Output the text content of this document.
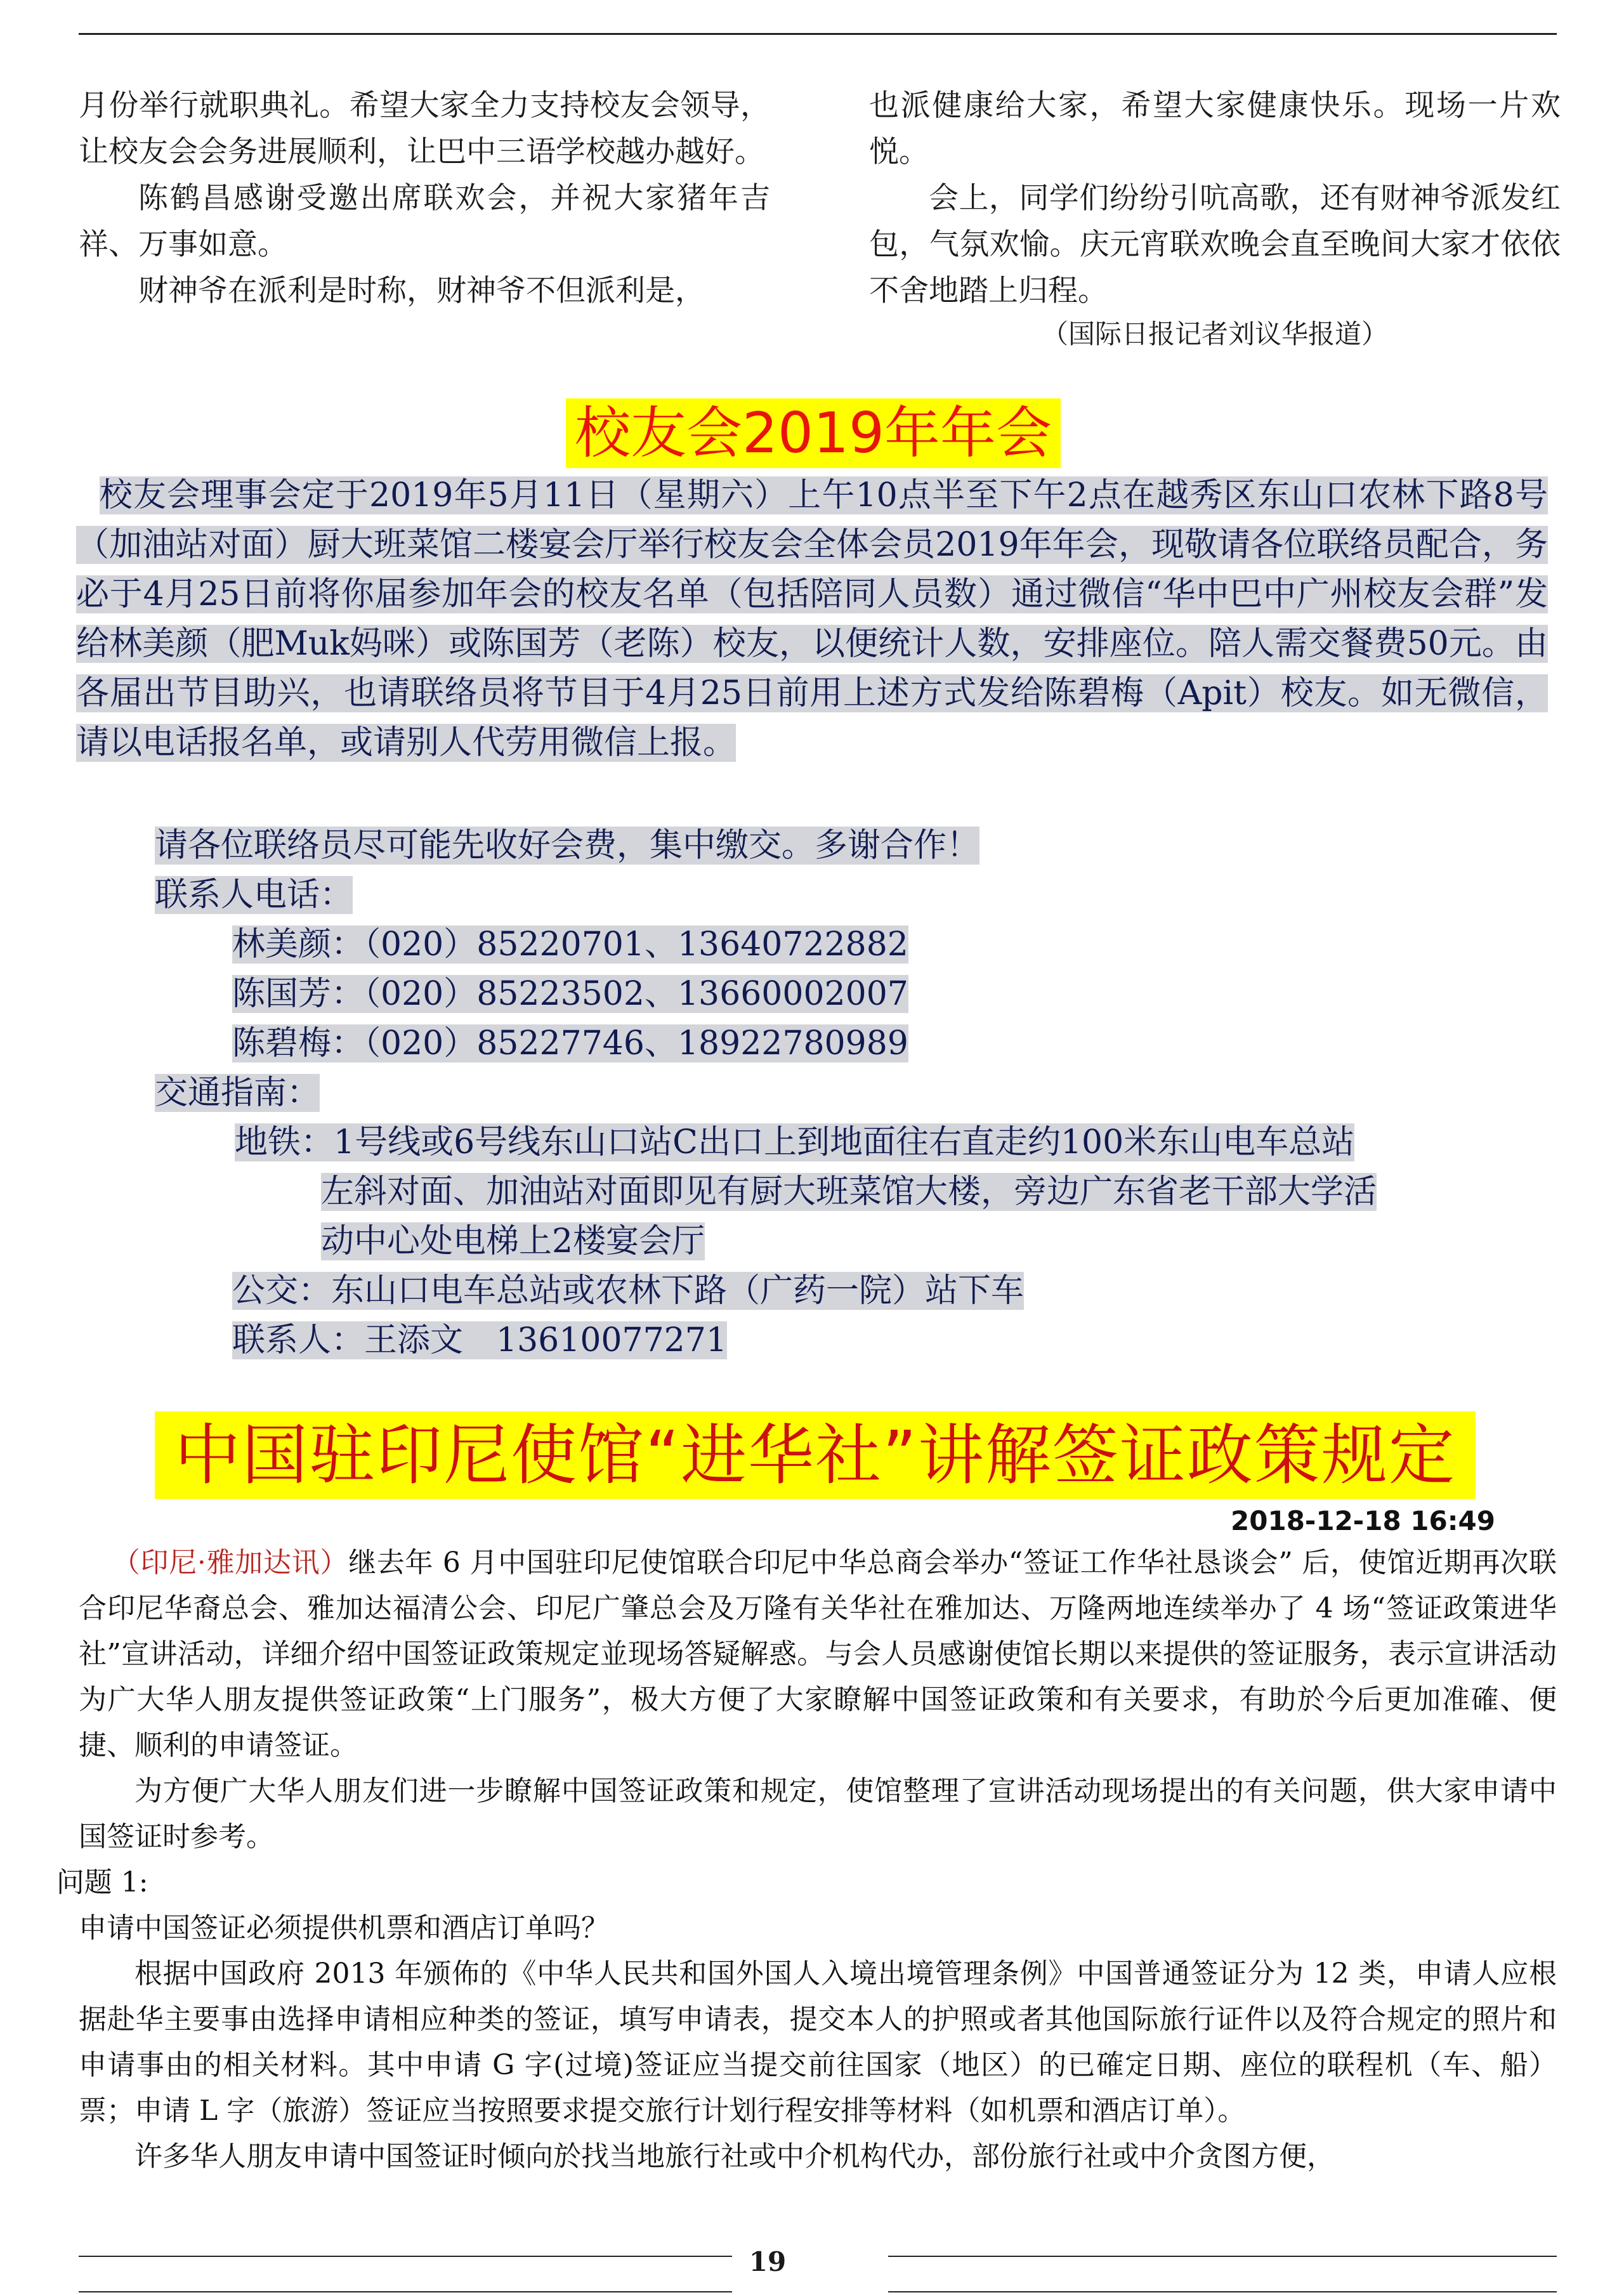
月份举行就职典礼。希望大家全力支持校友会领导，让校友会会务进展顺利，让巴中三语学校越办越好。

陈鹤昌感谢受邀出席联欢会，并祝大家猪年吉祥、万事如意。

财神爷在派利是时称，财神爷不但派利是，

也派健康给大家，希望大家健康快乐。现场一片欢悦。

会上，同学们纷纷引吭高歌，还有财神爷派发红包，气氛欢愉。庆元宵联欢晚会直至晚间大家才依依不舍地踏上归程。

（国际日报记者刘议华报道）

校友会2019年年会

校友会理事会定于2019年5月11日（星期六）上午10点半至下午2点在越秀区东山口农林下路8号（加油站对面）厨大班菜馆二楼宴会厅举行校友会全体会员2019年年会，现敬请各位联络员配合，务必于4月25日前将你届参加年会的校友名单（包括陪同人员数）通过微信“华中巴中广州校友会群”发给林美颜（肥Muk妈咪）或陈国芳（老陈）校友，以便统计人数，安排座位。陪人需交餐费50元。由各届出节目助兴，也请联络员将节目于4月25日前用上述方式发给陈碧梅（Apit）校友。如无微信，请以电话报名单，或请别人代劳用微信上报。

请各位联络员尽可能先收好会费，集中缴交。多谢合作！
联系人电话：
林美颜：（020）85220701、13640722882
陈国芳：（020）85223502、13660002007
陈碧梅：（020）85227746、18922780989
交通指南：
地铁：1号线或6号线东山口站C出口上到地面往右直走约100米东山电车总站
左斜对面、加油站对面即见有厨大班菜馆大楼，旁边广东省老干部大学活
动中心处电梯上2楼宴会厅
公交：东山口电车总站或农林下路（广药一院）站下车
联系人：王添文　13610077271
中国驻印尼使馆“进华社”讲解签证政策规定
2018-12-18 16:49

（印尼·雅加达讯）继去年 6 月中国驻印尼使馆联合印尼中华总商会举办“签证工作华社恳谈会” 后，使馆近期再次联合印尼华裔总会、雅加达福清公会、印尼广肇总会及万隆有关华社在雅加达、万隆两地连续举办了 4 场“签证政策进华社”宣讲活动，详细介绍中国签证政策规定並现场答疑解惑。与会人员感谢使馆长期以来提供的签证服务，表示宣讲活动为广大华人朋友提供签证政策“上门服务”，极大方便了大家瞭解中国签证政策和有关要求，有助於今后更加准確、便捷、顺利的申请签证。

为方便广大华人朋友们进一步瞭解中国签证政策和规定，使馆整理了宣讲活动现场提出的有关问题，供大家申请中国签证时参考。

问题 1:

申请中国签证必须提供机票和酒店订单吗？

根据中国政府 2013 年颁佈的《中华人民共和国外国人入境出境管理条例》中国普通签证分为 12 类，申请人应根据赴华主要事由选择申请相应种类的签证，填写申请表，提交本人的护照或者其他国际旅行证件以及符合规定的照片和申请事由的相关材料。其中申请 G 字(过境)签证应当提交前往国家（地区）的已確定日期、座位的联程机（车、船）票；申请 L 字（旅游）签证应当按照要求提交旅行计划行程安排等材料（如机票和酒店订单）。

许多华人朋友申请中国签证时倾向於找当地旅行社或中介机构代办，部份旅行社或中介贪图方便，

19
